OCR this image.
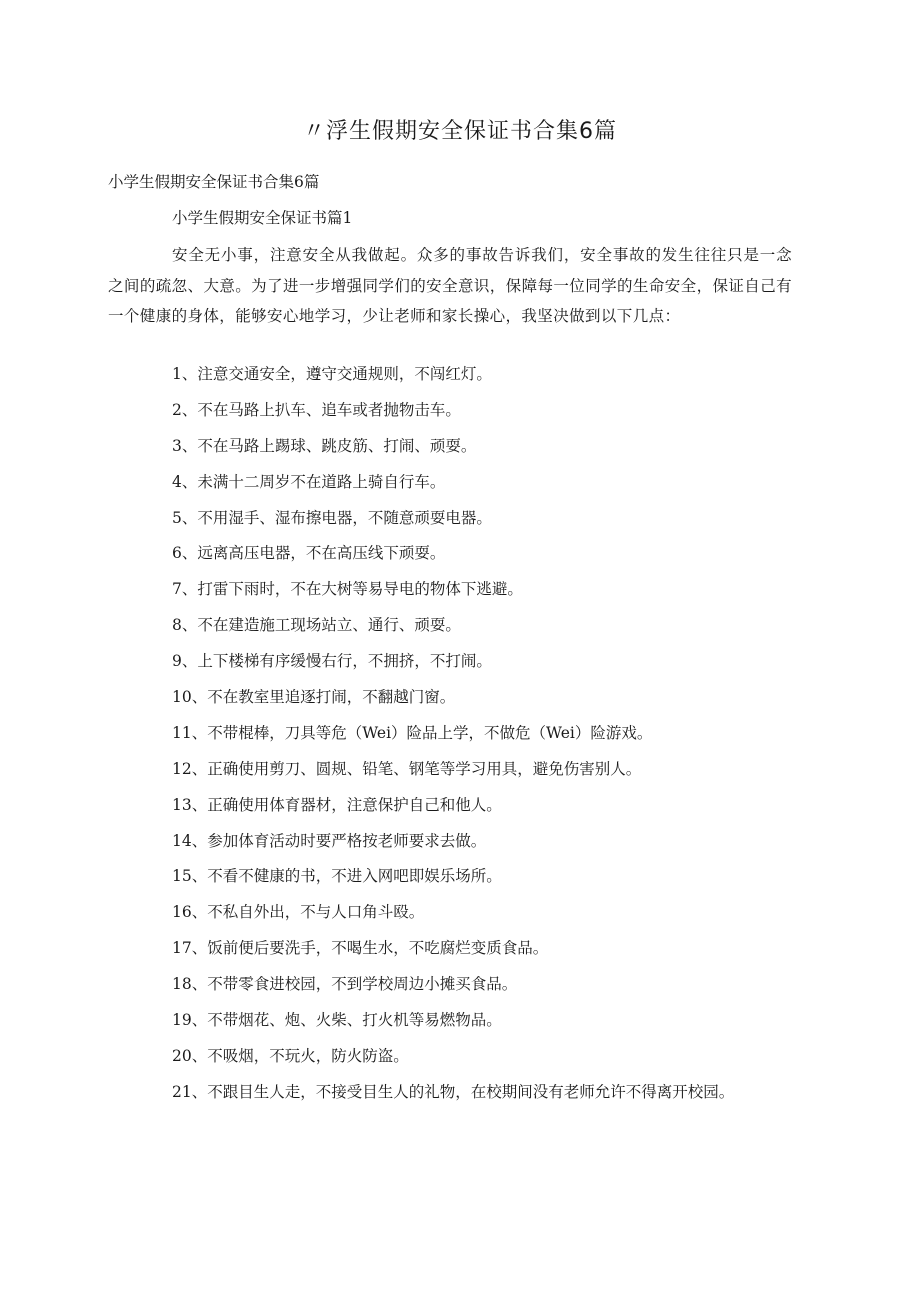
〃浮生假期安全保证书合集6篇

小学生假期安全保证书合集6篇

小学生假期安全保证书篇1

安全无小事，注意安全从我做起。众多的事故告诉我们，安全事故的发生往往只是一念之间的疏忽、大意。为了进一步增强同学们的安全意识，保障每一位同学的生命安全，保证自己有一个健康的身体，能够安心地学习，少让老师和家长操心，我坚决做到以下几点：

1、注意交通安全，遵守交通规则，不闯红灯。
2、不在马路上扒车、追车或者抛物击车。
3、不在马路上踢球、跳皮筋、打闹、顽耍。
4、未满十二周岁不在道路上骑自行车。
5、不用湿手、湿布擦电器，不随意顽耍电器。
6、远离高压电器，不在高压线下顽耍。
7、打雷下雨时，不在大树等易导电的物体下逃避。
8、不在建造施工现场站立、通行、顽耍。
9、上下楼梯有序缓慢右行，不拥挤，不打闹。
10、不在教室里追逐打闹，不翻越门窗。
11、不带棍棒，刀具等危（Wei）险品上学，不做危（Wei）险游戏。
12、正确使用剪刀、圆规、铅笔、钢笔等学习用具，避免伤害别人。
13、正确使用体育器材，注意保护自己和他人。
14、参加体育活动时要严格按老师要求去做。
15、不看不健康的书，不进入网吧即娱乐场所。
16、不私自外出，不与人口角斗殴。
17、饭前便后要洗手，不喝生水，不吃腐烂变质食品。
18、不带零食进校园，不到学校周边小摊买食品。
19、不带烟花、炮、火柴、打火机等易燃物品。
20、不吸烟，不玩火，防火防盗。
21、不跟目生人走，不接受目生人的礼物，在校期间没有老师允许不得离开校园。
